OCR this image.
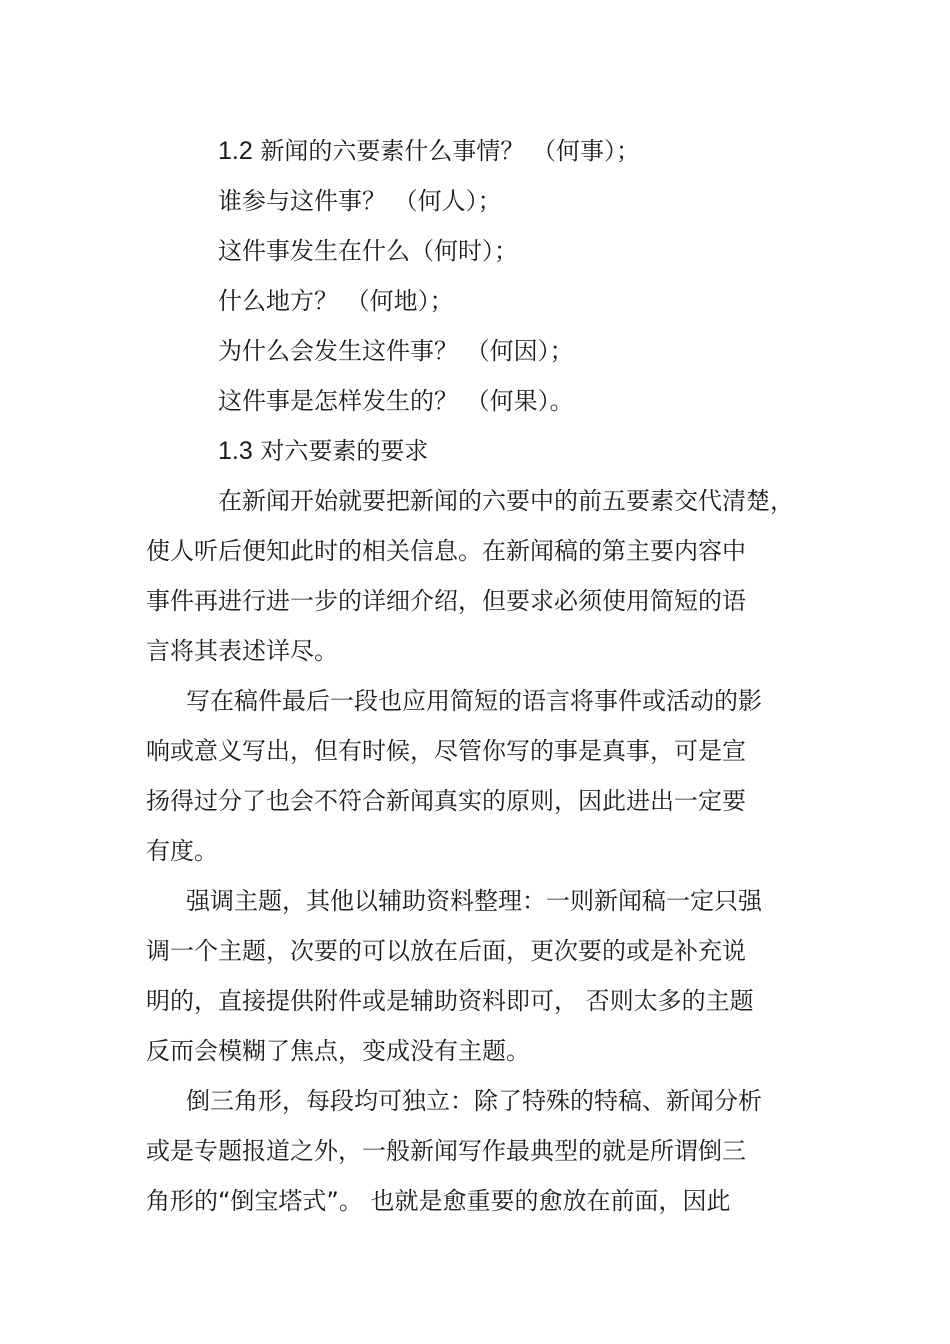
1.2 新闻的六要素什么事情？ （何事）；
谁参与这件事？ （何人）；
这件事发生在什么（何时）；
什么地方？ （何地）；
为什么会发生这件事？ （何因）；
这件事是怎样发生的？ （何果）。
1.3 对六要素的要求
在新闻开始就要把新闻的六要中的前五要素交代清楚，
使人听后便知此时的相关信息。在新闻稿的第主要内容中
事件再进行进一步的详细介绍，但要求必须使用简短的语
言将其表述详尽。
写在稿件最后一段也应用简短的语言将事件或活动的影
响或意义写出，但有时候，尽管你写的事是真事，可是宣
扬得过分了也会不符合新闻真实的原则，因此进出一定要
有度。
强调主题，其他以辅助资料整理：一则新闻稿一定只强
调一个主题，次要的可以放在后面，更次要的或是补充说
明的，直接提供附件或是辅助资料即可， 否则太多的主题
反而会模糊了焦点，变成没有主题。
倒三角形，每段均可独立：除了特殊的特稿、新闻分析
或是专题报道之外，一般新闻写作最典型的就是所谓倒三
角形的“倒宝塔式”。 也就是愈重要的愈放在前面，因此
